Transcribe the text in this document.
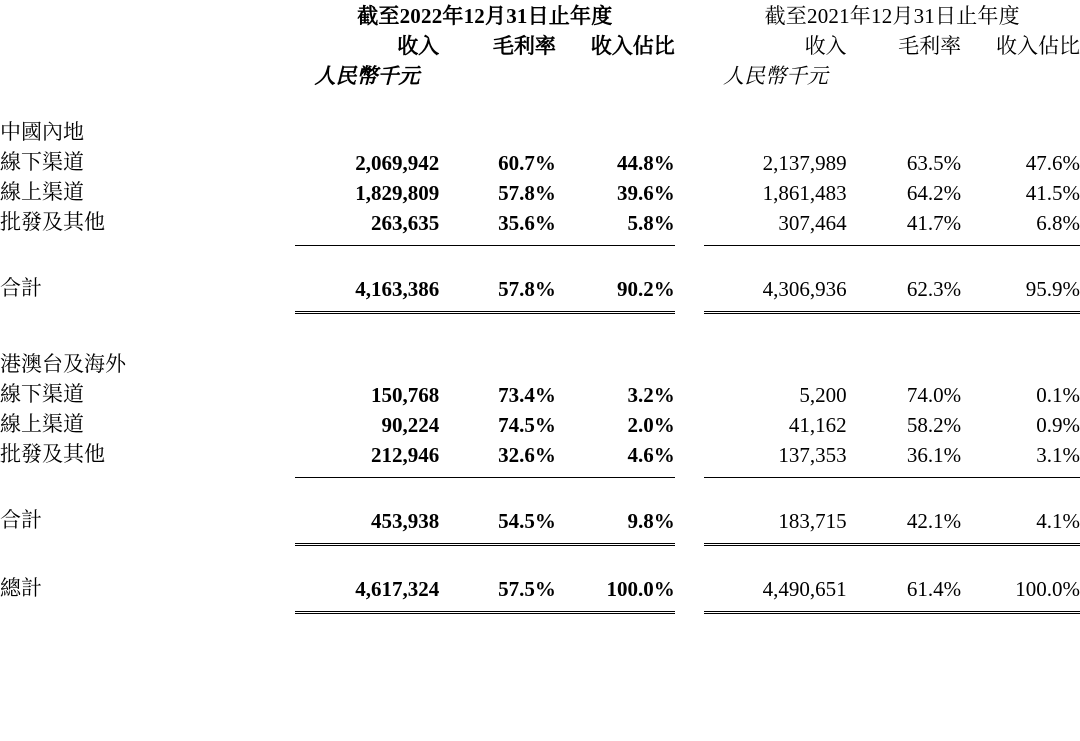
	截至2022年12月31日止年度				截至2021年12月31日止年度		
	收入	毛利率	收入佔比		收入	毛利率	收入佔比
	人民幣千元				人民幣千元		

中國內地							
線下渠道	2,069,942	60.7%	44.8%		2,137,989	63.5%	47.6%
線上渠道	1,829,809	57.8%	39.6%		1,861,483	64.2%	41.5%
批發及其他	263,635	35.6%	5.8%		307,464	41.7%	6.8%

合計	4,163,386	57.8%	90.2%		4,306,936	62.3%	95.9%

港澳台及海外							
線下渠道	150,768	73.4%	3.2%		5,200	74.0%	0.1%
線上渠道	90,224	74.5%	2.0%		41,162	58.2%	0.9%
批發及其他	212,946	32.6%	4.6%		137,353	36.1%	3.1%

合計	453,938	54.5%	9.8%		183,715	42.1%	4.1%

總計	4,617,324	57.5%	100.0%		4,490,651	61.4%	100.0%
